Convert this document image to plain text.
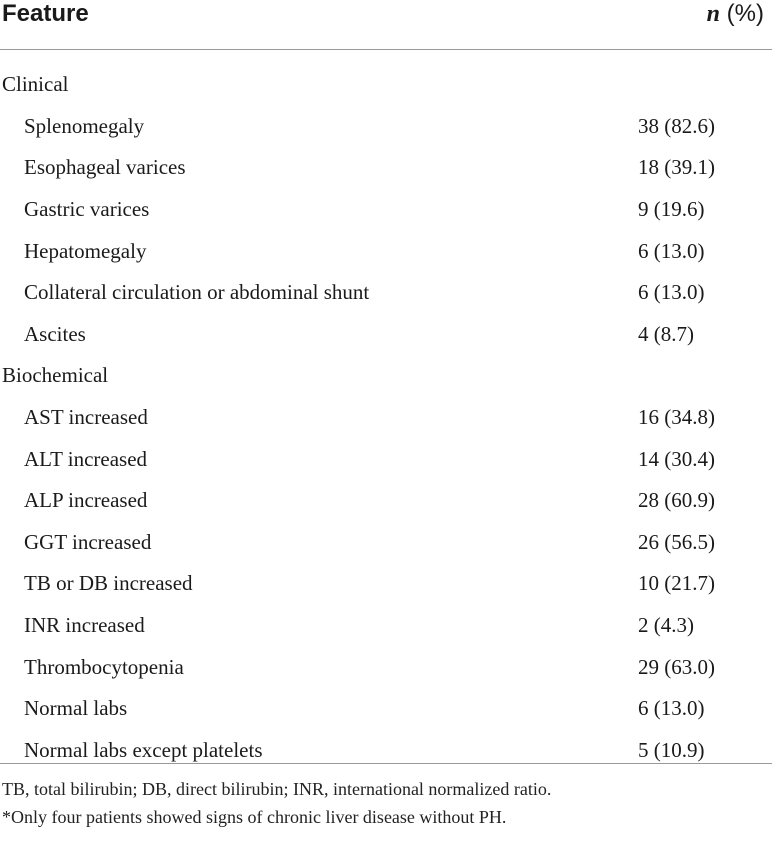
Feature	n (%)
Clinical
Splenomegaly	38 (82.6)
Esophageal varices	18 (39.1)
Gastric varices	9 (19.6)
Hepatomegaly	6 (13.0)
Collateral circulation or abdominal shunt	6 (13.0)
Ascites	4 (8.7)
Biochemical
AST increased	16 (34.8)
ALT increased	14 (30.4)
ALP increased	28 (60.9)
GGT increased	26 (56.5)
TB or DB increased	10 (21.7)
INR increased	2 (4.3)
Thrombocytopenia	29 (63.0)
Normal labs	6 (13.0)
Normal labs except platelets	5 (10.9)
TB, total bilirubin; DB, direct bilirubin; INR, international normalized ratio.
*Only four patients showed signs of chronic liver disease without PH.
